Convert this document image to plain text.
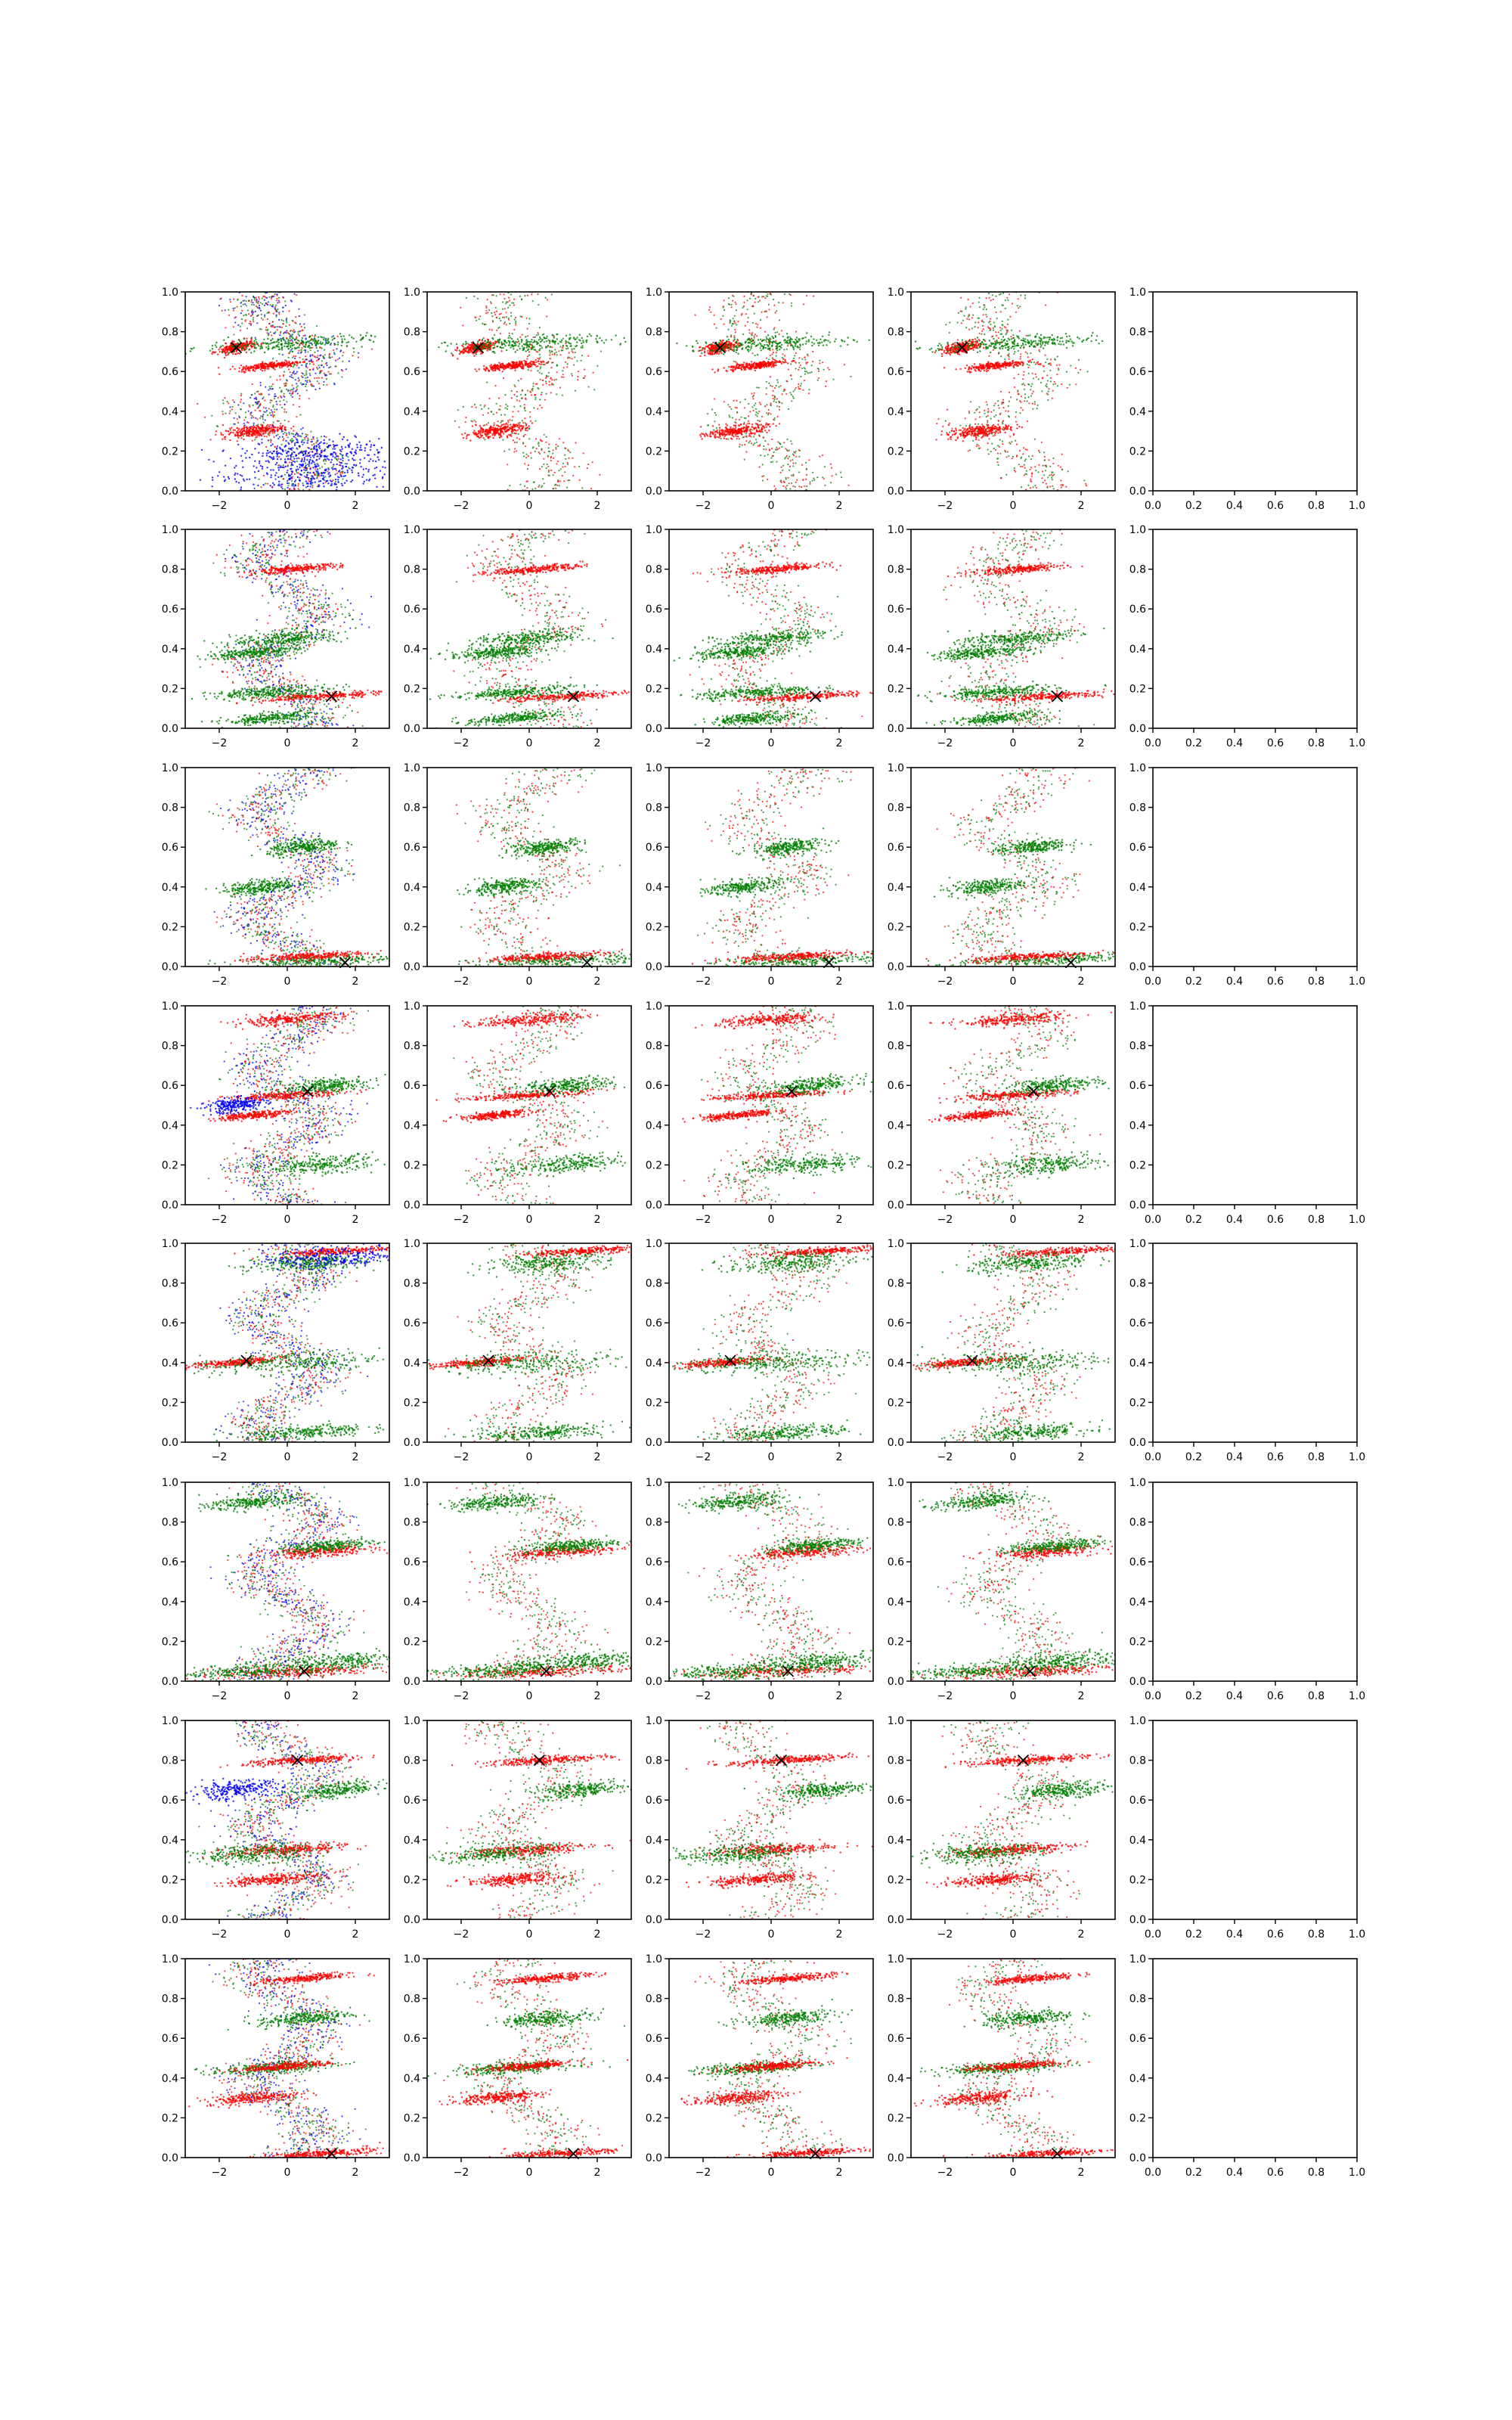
0.0
0.2
0.4
0.6
0.8
1.0
−2	0	2
0.0
0.2
0.4
0.6
0.8
1.0
−2	0	2
0.0
0.2
0.4
0.6
0.8
1.0
−2	0	2
0.0
0.2
0.4
0.6
0.8
1.0
−2	0	2
0.0
0.2
0.4
0.6
0.8
1.0
0.0 0.2 0.4 0.6 0.8 1.0
0.0
0.2
0.4
0.6
0.8
1.0
−2	0	2
0.0
0.2
0.4
0.6
0.8
1.0
−2	0	2
0.0
0.2
0.4
0.6
0.8
1.0
−2	0	2
0.0
0.2
0.4
0.6
0.8
1.0
−2	0	2
0.0
0.2
0.4
0.6
0.8
1.0
0.0 0.2 0.4 0.6 0.8 1.0
0.0
0.2
0.4
0.6
0.8
1.0
−2	0	2
0.0
0.2
0.4
0.6
0.8
1.0
−2	0	2
0.0
0.2
0.4
0.6
0.8
1.0
−2	0	2
0.0
0.2
0.4
0.6
0.8
1.0
−2	0	2
0.0
0.2
0.4
0.6
0.8
1.0
0.0 0.2 0.4 0.6 0.8 1.0
0.0
0.2
0.4
0.6
0.8
1.0
−2	0	2
0.0
0.2
0.4
0.6
0.8
1.0
−2	0	2
0.0
0.2
0.4
0.6
0.8
1.0
−2	0	2
0.0
0.2
0.4
0.6
0.8
1.0
−2	0	2
0.0
0.2
0.4
0.6
0.8
1.0
0.0 0.2 0.4 0.6 0.8 1.0
0.0
0.2
0.4
0.6
0.8
1.0
−2	0	2
0.0
0.2
0.4
0.6
0.8
1.0
−2	0	2
0.0
0.2
0.4
0.6
0.8
1.0
−2	0	2
0.0
0.2
0.4
0.6
0.8
1.0
−2	0	2
0.0
0.2
0.4
0.6
0.8
1.0
0.0 0.2 0.4 0.6 0.8 1.0
0.0
0.2
0.4
0.6
0.8
1.0
−2	0	2
0.0
0.2
0.4
0.6
0.8
1.0
−2	0	2
0.0
0.2
0.4
0.6
0.8
1.0
−2	0	2
0.0
0.2
0.4
0.6
0.8
1.0
−2	0	2
0.0
0.2
0.4
0.6
0.8
1.0
0.0 0.2 0.4 0.6 0.8 1.0
0.0
0.2
0.4
0.6
0.8
1.0
−2	0	2
0.0
0.2
0.4
0.6
0.8
1.0
−2	0	2
0.0
0.2
0.4
0.6
0.8
1.0
−2	0	2
0.0
0.2
0.4
0.6
0.8
1.0
−2	0	2
0.0
0.2
0.4
0.6
0.8
1.0
0.0 0.2 0.4 0.6 0.8 1.0
0.0
0.2
0.4
0.6
0.8
1.0
−2	0	2
0.0
0.2
0.4
0.6
0.8
1.0
−2	0	2
0.0
0.2
0.4
0.6
0.8
1.0
−2	0	2
0.0
0.2
0.4
0.6
0.8
1.0
−2	0	2
0.0
0.2
0.4
0.6
0.8
1.0
0.0 0.2 0.4 0.6 0.8 1.0
